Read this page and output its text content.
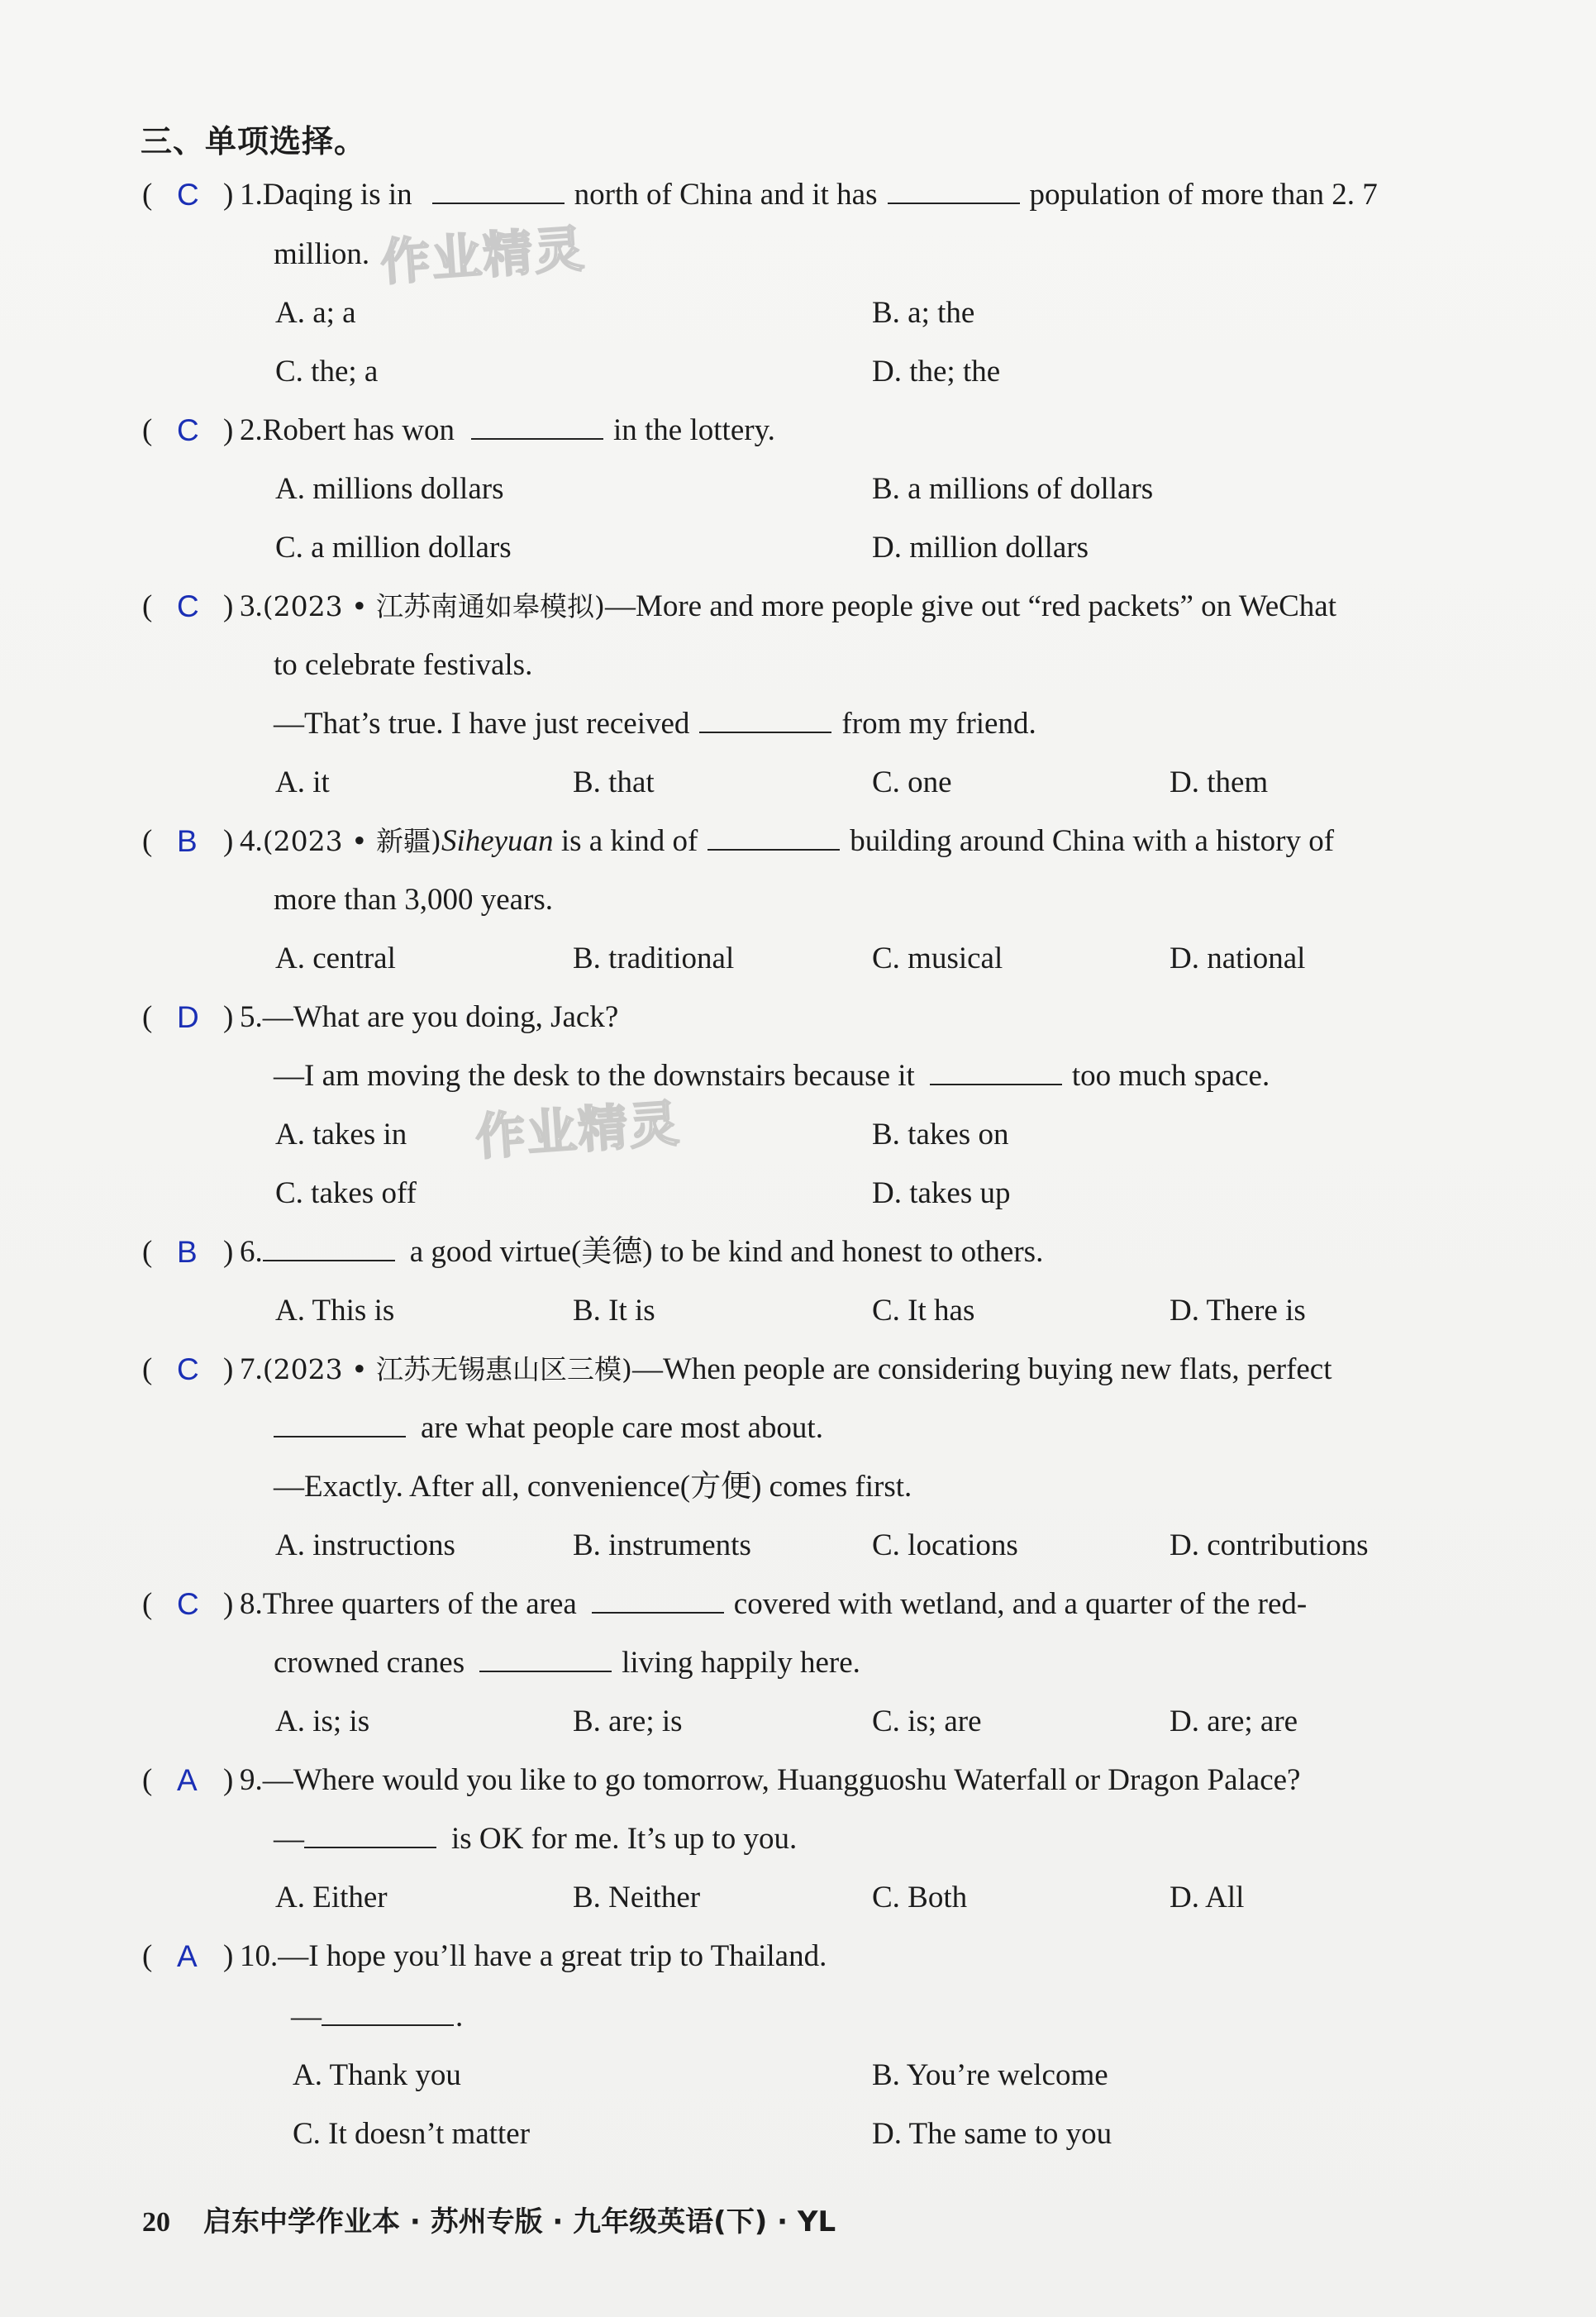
三、单项选择。
作业精灵
作业精灵
( C ) 1.Daqing is in	north of China and it has	population of more than 2. 7
million.
A. a; a	B. a; the
C. the; a	D. the; the
( C ) 2.Robert has won	in the lottery.
A. millions dollars	B. a millions of dollars
C. a million dollars	D. million dollars
( C ) 3.(2023 • 江苏南通如皋模拟)—More and more people give out “red packets” on WeChat
to celebrate festivals.
—That’s true. I have just received	from my friend.
A. it	B. that	C. one	D. them
( B ) 4.(2023 • 新疆)Siheyuan is a kind of	building around China with a history of
more than 3,000 years.
A. central	B. traditional	C. musical	D. national
( D ) 5.—What are you doing, Jack?
—I am moving the desk to the downstairs because it	too much space.
A. takes in	B. takes on
C. takes off	D. takes up
( B ) 6.	a good virtue(美德) to be kind and honest to others.
A. This is	B. It is	C. It has	D. There is
( C ) 7.(2023 • 江苏无锡惠山区三模)—When people are considering buying new flats, perfect
are what people care most about.
—Exactly. After all, convenience(方便) comes first.
A. instructions	B. instruments	C. locations	D. contributions
( C ) 8.Three quarters of the area	covered with wetland, and a quarter of the red-
crowned cranes	living happily here.
A. is; is	B. are; is	C. is; are	D. are; are
( A ) 9.—Where would you like to go tomorrow, Huangguoshu Waterfall or Dragon Palace?
—	is OK for me. It’s up to you.
A. Either	B. Neither	C. Both	D. All
( A ) 10.—I hope you’ll have a great trip to Thailand.
—	.
A. Thank you	B. You’re welcome
C. It doesn’t matter	D. The same to you
20 启东中学作业本 · 苏州专版 · 九年级英语(下) · YL
